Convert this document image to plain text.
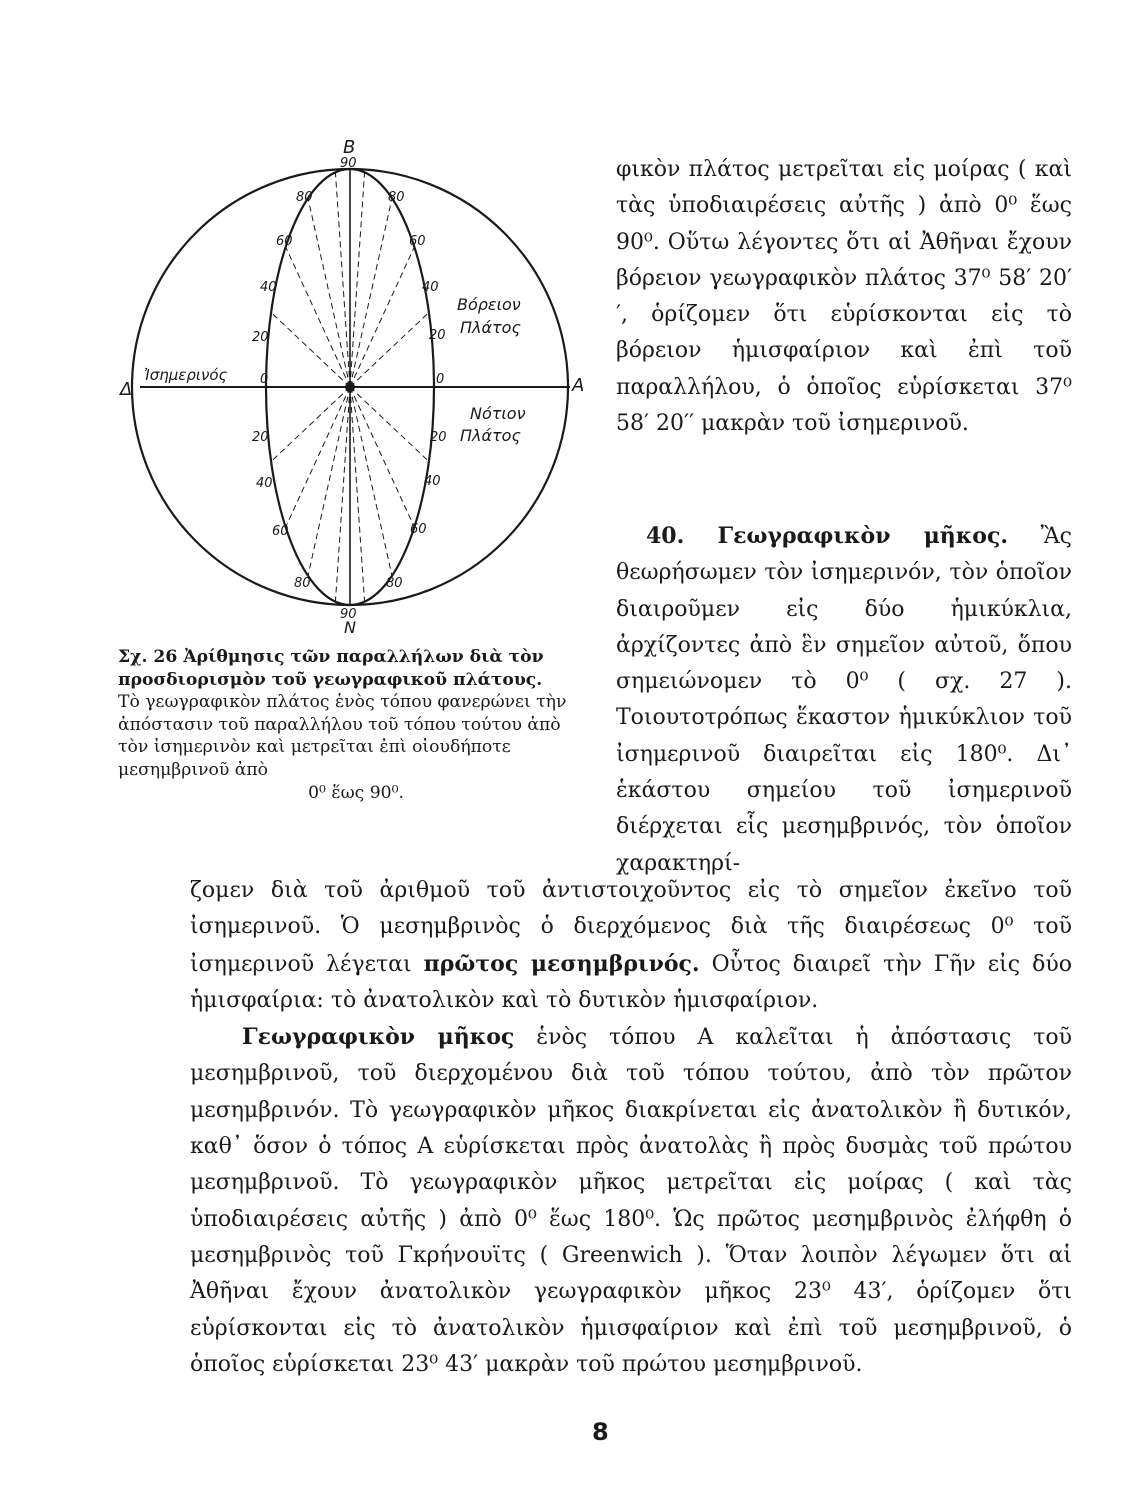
B
90
90
N
Δ	A
Ἰσημερινός
Βόρειον
Πλάτος
Νότιον
Πλάτος
80	80
60	60
40	40
20	20
0	0
20	20
40	40
60	60
80	80

Σχ. 26 Ἀρίθμησις τῶν παραλλήλων διὰ τὸν προσδιορισμὸν τοῦ γεωγραφικοῦ πλάτους.

Τὸ γεωγραφικὸν πλάτος ἑνὸς τόπου φανερώνει τὴν ἀπόστασιν τοῦ παραλλήλου τοῦ τόπου τούτου ἀπὸ τὸν ἰσημερινὸν καὶ μετρεῖται ἐπὶ οἱουδήποτε μεσημβρινοῦ ἀπὸ

0⁰ ἕως 90⁰.

φικὸν πλάτος μετρεῖται εἰς μοίρας ( καὶ τὰς ὑποδιαιρέσεις αὐτῆς ) ἀπὸ 0⁰ ἕως 90⁰. Οὕτω λέγοντες ὅτι αἱ Ἀθῆναι ἔχουν βόρειον γεωγραφικὸν πλάτος 37⁰ 58′ 20′′, ὁρίζομεν ὅτι εὑρίσκονται εἰς τὸ βόρειον ἡμισφαίριον καὶ ἐπὶ τοῦ παραλλήλου, ὁ ὁποῖος εὑρίσκεται 37⁰ 58′ 20′′ μακρὰν τοῦ ἰσημερινοῦ.

40. Γεωγραφικὸν μῆκος. Ἂς θεωρήσωμεν τὸν ἰσημερινόν, τὸν ὁποῖον διαιροῦμεν εἰς δύο ἡμικύκλια, ἀρχίζοντες ἀπὸ ἓν σημεῖον αὐτοῦ, ὅπου σημειώνομεν τὸ 0⁰ ( σχ. 27 ). Τοιουτοτρόπως ἕκαστον ἡμικύκλιον τοῦ ἰσημερινοῦ διαιρεῖται εἰς 180⁰. Δι᾿ ἑκάστου σημείου τοῦ ἰσημερινοῦ διέρχεται εἷς μεσημβρινός, τὸν ὁποῖον χαρακτηρί-

ζομεν διὰ τοῦ ἀριθμοῦ τοῦ ἀντιστοιχοῦντος εἰς τὸ σημεῖον ἐκεῖνο τοῦ ἰσημερινοῦ. Ὁ μεσημβρινὸς ὁ διερχόμενος διὰ τῆς διαιρέσεως 0⁰ τοῦ ἰσημερινοῦ λέγεται πρῶτος μεσημβρινός. Οὗτος διαιρεῖ τὴν Γῆν εἰς δύο ἡμισφαίρια: τὸ ἀνατολικὸν καὶ τὸ δυτικὸν ἡμισφαίριον.

Γεωγραφικὸν μῆκος ἑνὸς τόπου Α καλεῖται ἡ ἀπόστασις τοῦ μεσημβρινοῦ, τοῦ διερχομένου διὰ τοῦ τόπου τούτου, ἀπὸ τὸν πρῶτον μεσημβρινόν. Τὸ γεωγραφικὸν μῆκος διακρίνεται εἰς ἀνατολικὸν ἢ δυτικόν, καθ᾿ ὅσον ὁ τόπος Α εὑρίσκεται πρὸς ἀνατολὰς ἢ πρὸς δυσμὰς τοῦ πρώτου μεσημβρινοῦ. Τὸ γεωγραφικὸν μῆκος μετρεῖται εἰς μοίρας ( καὶ τὰς ὑποδιαιρέσεις αὐτῆς ) ἀπὸ 0⁰ ἕως 180⁰. Ὡς πρῶτος μεσημβρινὸς ἐλήφθη ὁ μεσημβρινὸς τοῦ Γκρήνουϊτς ( Greenwich ). Ὅταν λοιπὸν λέγωμεν ὅτι αἱ Ἀθῆναι ἔχουν ἀνατολικὸν γεωγραφικὸν μῆκος 23⁰ 43′, ὁρίζομεν ὅτι εὑρίσκονται εἰς τὸ ἀνατολικὸν ἡμισφαίριον καὶ ἐπὶ τοῦ μεσημβρινοῦ, ὁ ὁποῖος εὑρίσκεται 23⁰ 43′ μακρὰν τοῦ πρώτου μεσημβρινοῦ.

8
